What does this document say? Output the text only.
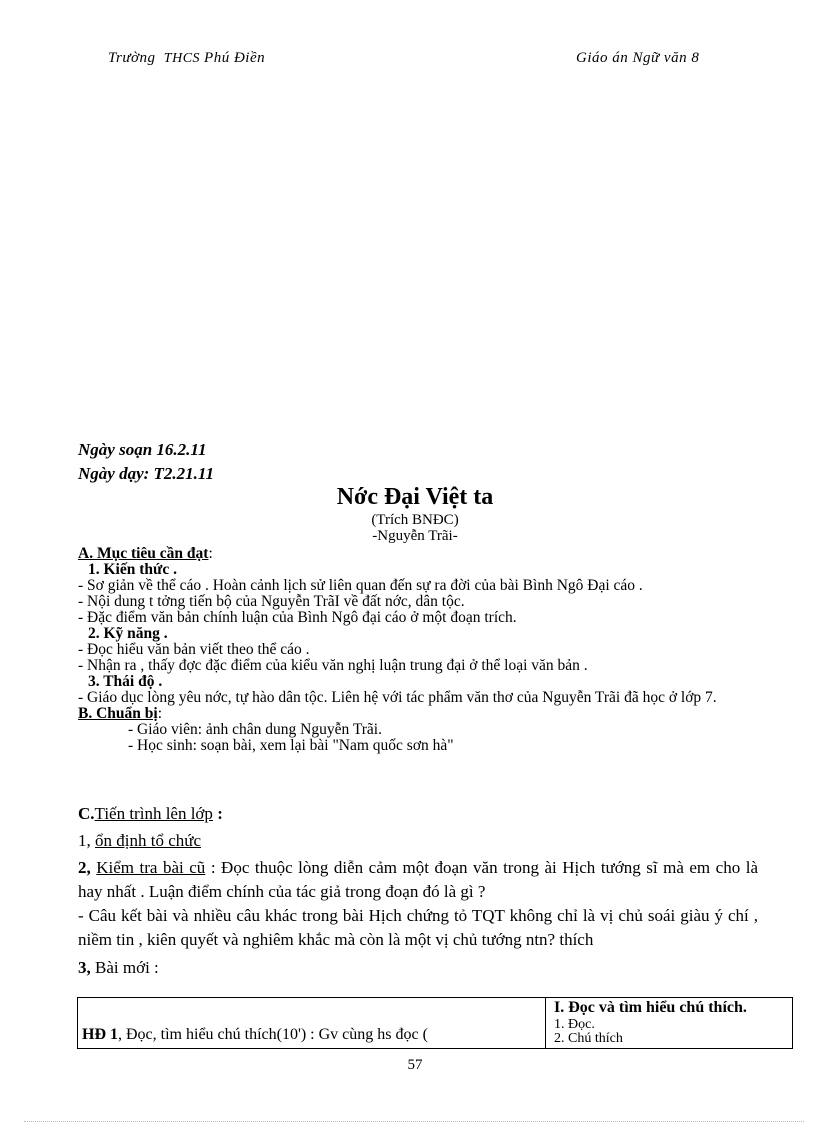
Trường THCS Phú Điền	Giáo án Ngữ văn 8
Ngày soạn 16.2.11
Ngày dạy: T2.21.11
Nớc Đại Việt ta
(Trích BNĐC)
-Nguyễn Trãi-
A. Mục tiêu cần đạt:
1. Kiến thức .
- Sơ giản về thể cáo . Hoàn cảnh lịch sử liên quan đến sự ra đời của bài Bình Ngô Đại cáo .
- Nội dung t tởng tiến bộ của Nguyễn TrãI về đất nớc, dân tộc.
- Đặc điểm văn bản chính luận của Bình Ngô đại cáo ở một đoạn trích.
2. Kỹ năng .
- Đọc hiểu văn bản viết theo thể cáo .
- Nhận ra , thấy đợc đặc điểm của kiểu văn nghị luận trung đại ở thể loại văn bản .
3. Thái độ .
- Giáo dục lòng yêu nớc, tự hào dân tộc. Liên hệ với tác phẩm văn thơ của Nguyễn Trãi đã học ở lớp 7.
B. Chuẩn bị:
- Giáo viên: ảnh chân dung Nguyễn Trãi.
- Học sinh: soạn bài, xem lại bài "Nam quốc sơn hà"
C.Tiến trình lên lớp :
1, ổn định tổ chức
2, Kiểm tra bài cũ : Đọc thuộc lòng diễn cảm một đoạn văn trong ài Hịch tướng sĩ mà em cho là hay nhất . Luận điểm chính của tác giả trong đoạn đó là gì ?
- Câu kết bài và nhiều câu khác trong bài Hịch chứng tỏ TQT không chỉ là vị chủ soái giàu ý chí , niềm tin , kiên quyết và nghiêm khắc mà còn là một vị chủ tướng ntn? thích
3, Bài mới :
HĐ 1, Đọc, tìm hiểu chú thích(10') : Gv cùng hs đọc (
I. Đọc và tìm hiểu chú thích.
1. Đọc.
2. Chú thích
57
